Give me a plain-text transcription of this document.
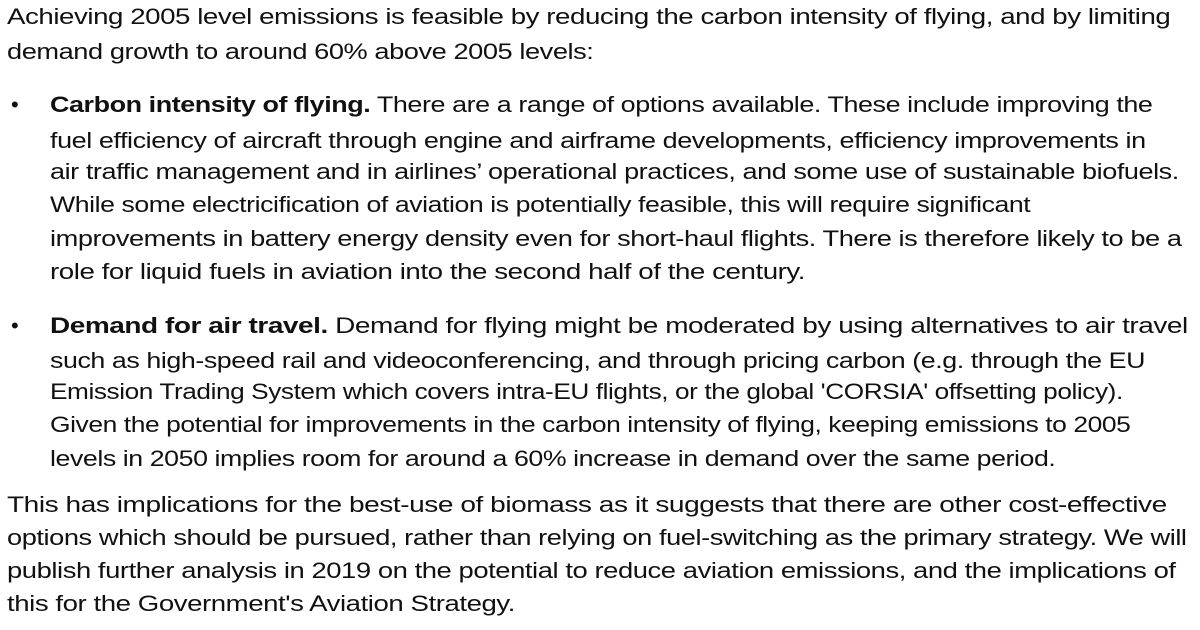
Achieving 2005 level emissions is feasible by reducing the carbon intensity of flying, and by limiting
demand growth to around 60% above 2005 levels:
• Carbon intensity of flying. There are a range of options available. These include improving the
fuel efficiency of aircraft through engine and airframe developments, efficiency improvements in
air traffic management and in airlines’ operational practices, and some use of sustainable biofuels.
While some electricification of aviation is potentially feasible, this will require significant
improvements in battery energy density even for short-haul flights. There is therefore likely to be a
role for liquid fuels in aviation into the second half of the century.
• Demand for air travel. Demand for flying might be moderated by using alternatives to air travel
such as high-speed rail and videoconferencing, and through pricing carbon (e.g. through the EU
Emission Trading System which covers intra-EU flights, or the global 'CORSIA' offsetting policy).
Given the potential for improvements in the carbon intensity of flying, keeping emissions to 2005
levels in 2050 implies room for around a 60% increase in demand over the same period.
This has implications for the best-use of biomass as it suggests that there are other cost-effective
options which should be pursued, rather than relying on fuel-switching as the primary strategy. We will
publish further analysis in 2019 on the potential to reduce aviation emissions, and the implications of
this for the Government's Aviation Strategy.
